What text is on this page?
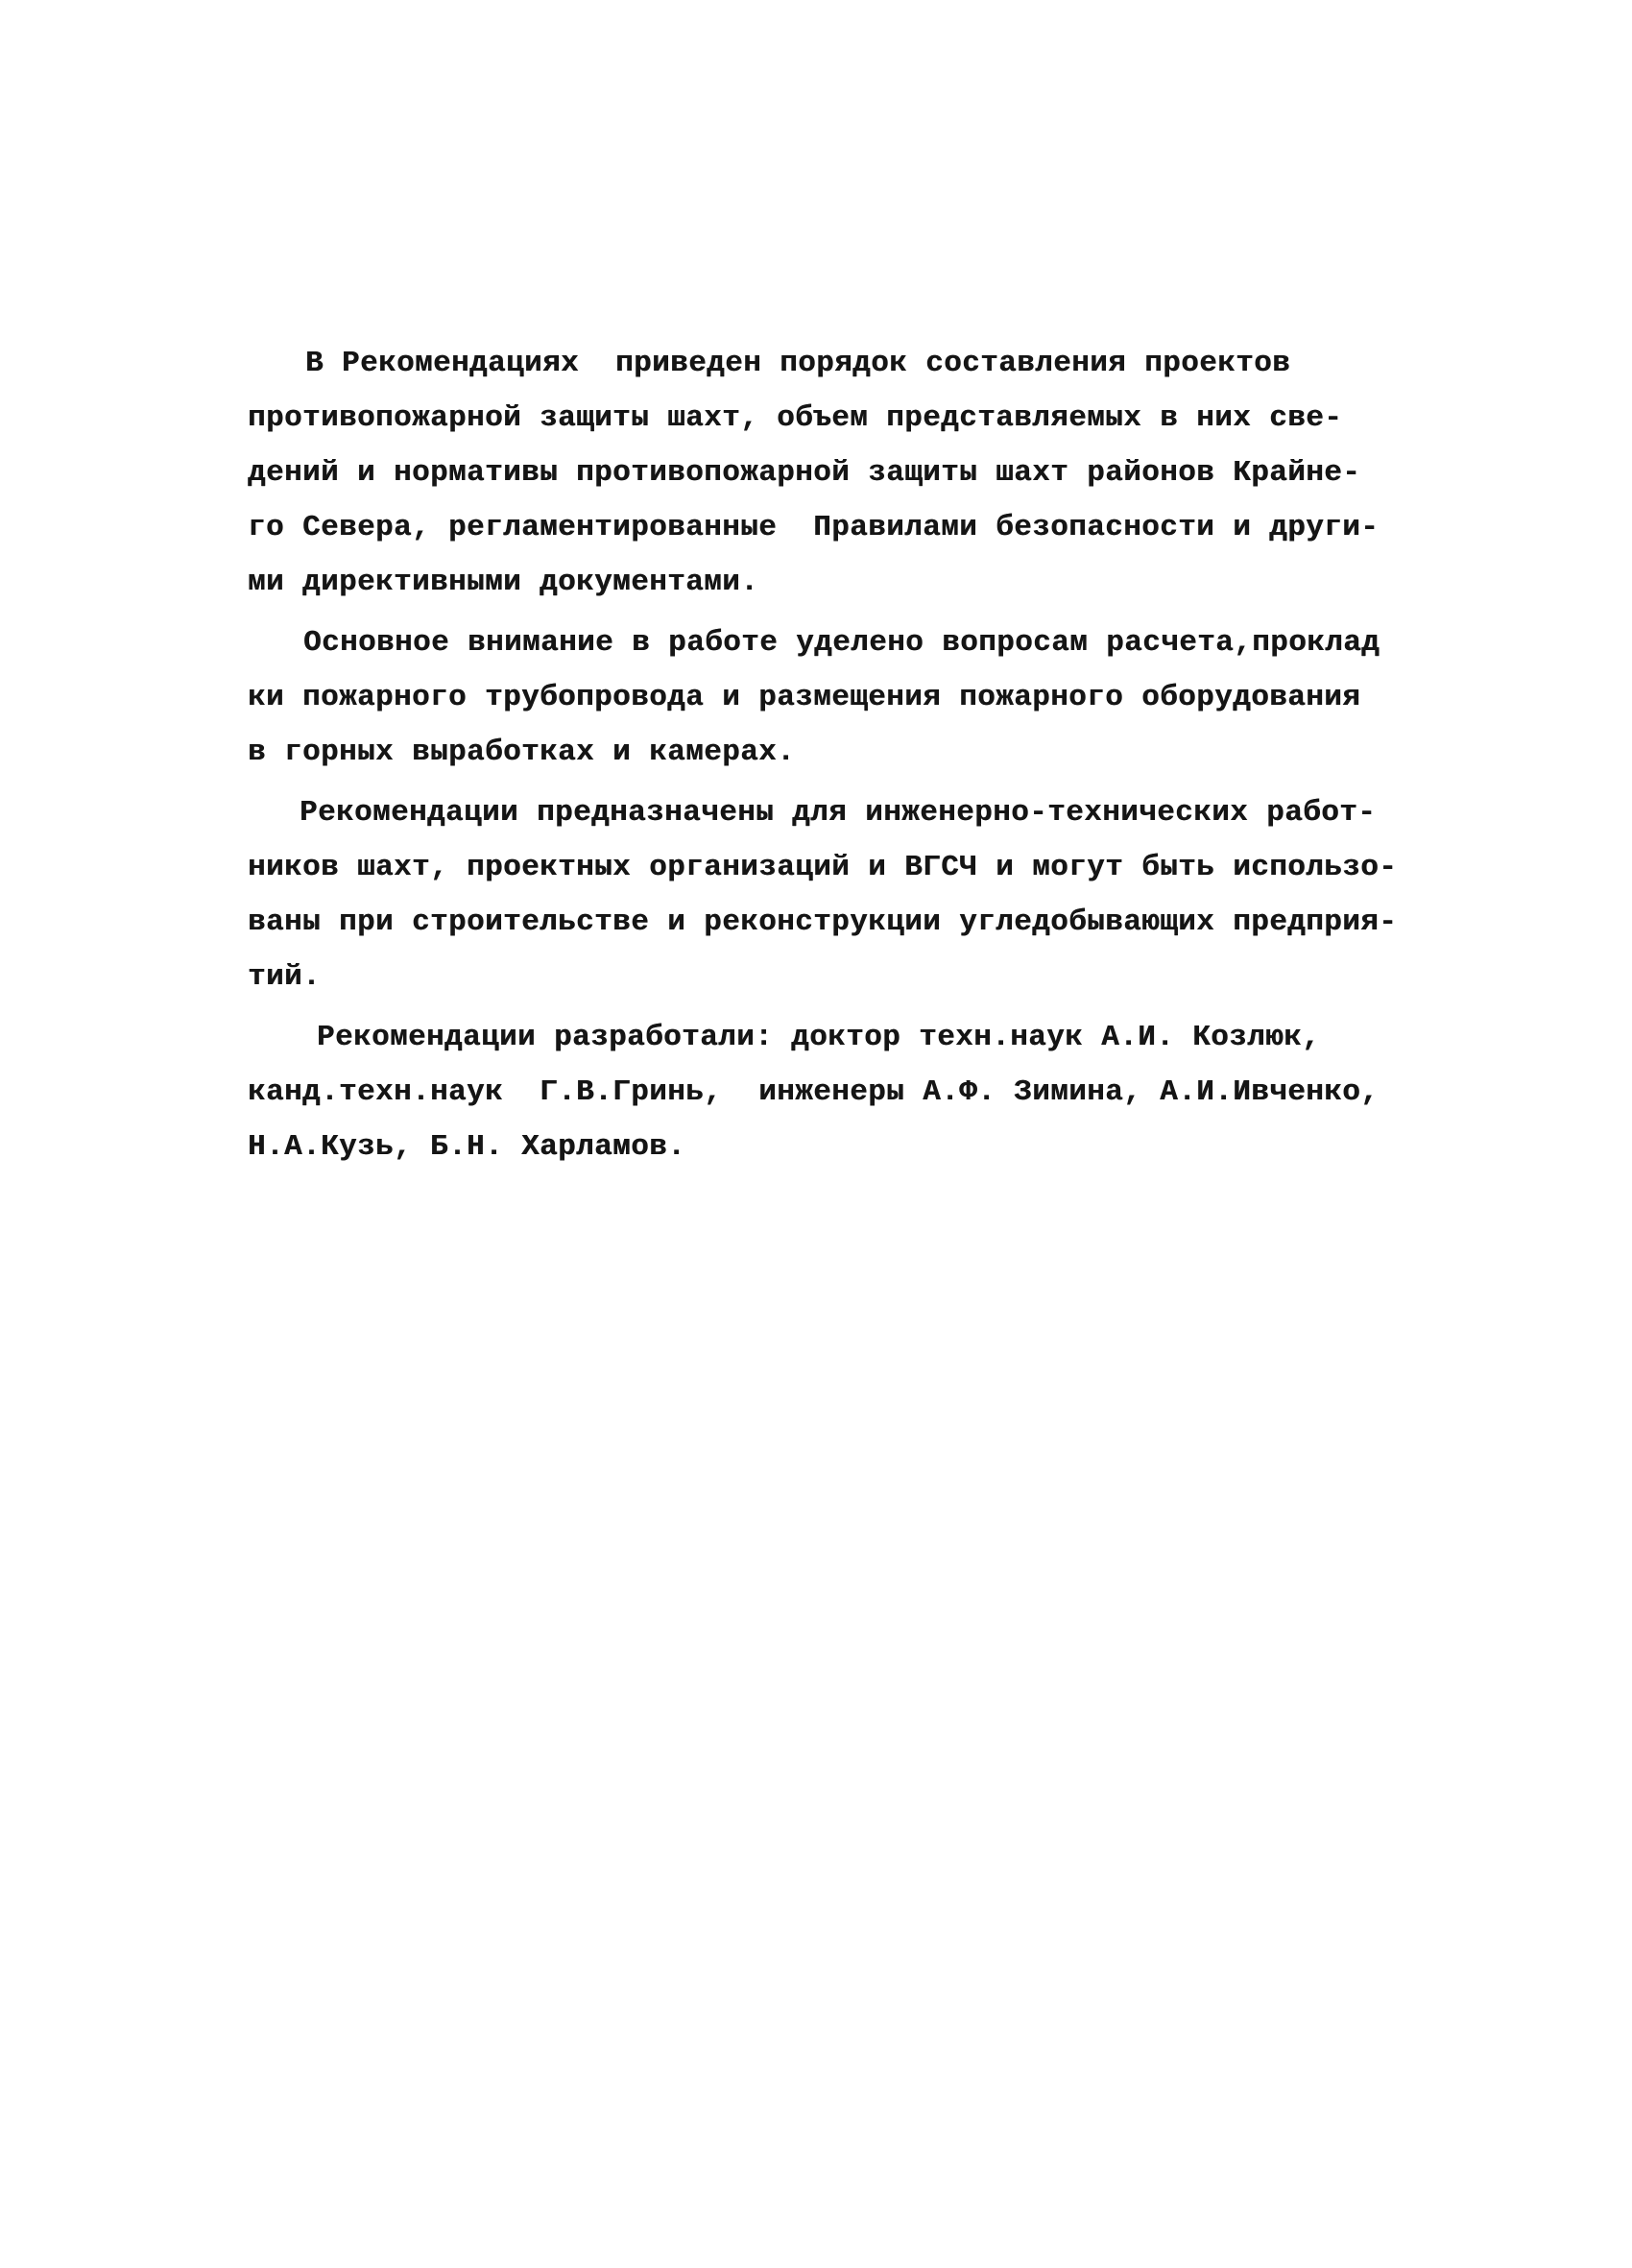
В Рекомендациях  приведен порядок составления проектов
противопожарной защиты шахт, объем представляемых в них све-
дений и нормативы противопожарной защиты шахт районов Крайне-
го Севера, регламентированные  Правилами безопасности и други-
ми директивными документами.
Основное внимание в работе уделено вопросам расчета,проклад
ки пожарного трубопровода и размещения пожарного оборудования
в горных выработках и камерах.
Рекомендации предназначены для инженерно-технических работ-
ников шахт, проектных организаций и ВГСЧ и могут быть использо-
ваны при строительстве и реконструкции угледобывающих предприя-
тий.
Рекомендации разработали: доктор техн.наук А.И. Козлюк,
канд.техн.наук  Г.В.Гринь,  инженеры А.Ф. Зимина, А.И.Ивченко,
Н.А.Кузь, Б.Н. Харламов.
